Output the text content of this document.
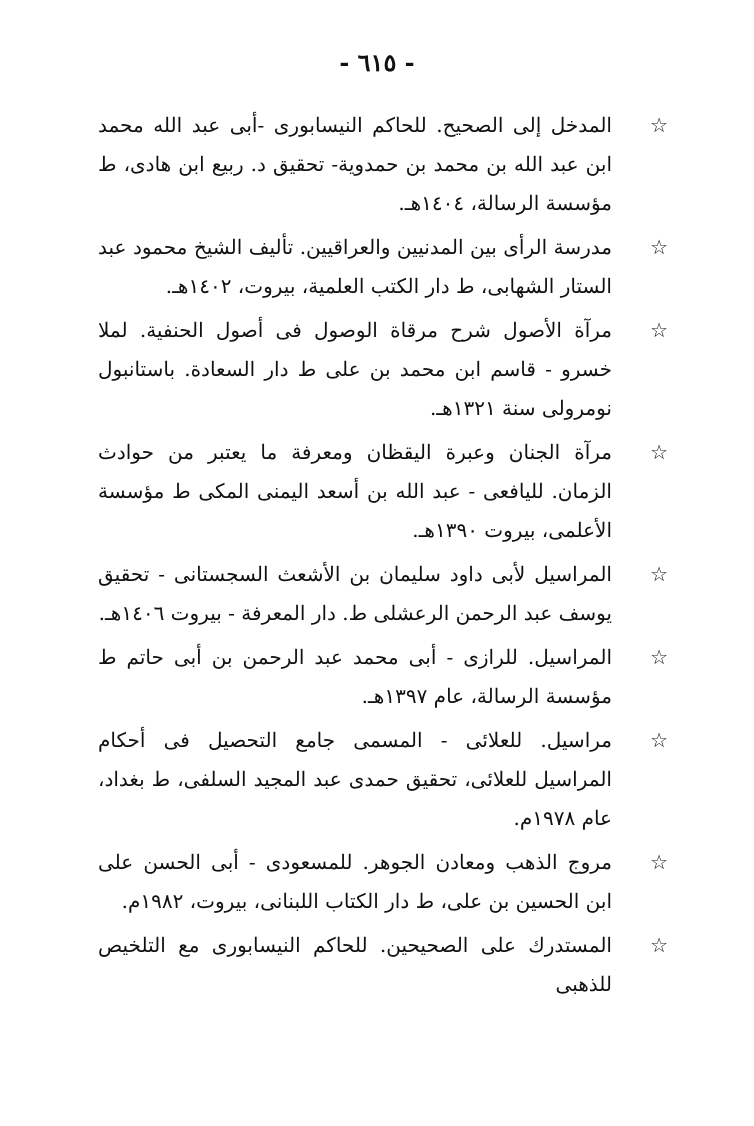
- ٦١٥ -
☆
المدخل إلى الصحيح. للحاكم النيسابورى -أبى عبد الله محمد ابن عبد الله بن محمد بن حمدوية- تحقيق د. ربيع ابن هادى، ط مؤسسة الرسالة، ١٤٠٤هـ.
☆
مدرسة الرأى بين المدنيين والعراقيين. تأليف الشيخ محمود عبد الستار الشهابى، ط دار الكتب العلمية، بيروت، ١٤٠٢هـ.
☆
مرآة الأصول شرح مرقاة الوصول فى أصول الحنفية. لملا خسرو - قاسم ابن محمد بن على ط دار السعادة. باستانبول نومرولى سنة ١٣٢١هـ.
☆
مرآة الجنان وعبرة اليقظان ومعرفة ما يعتبر من حوادث الزمان. لليافعى - عبد الله بن أسعد اليمنى المكى ط مؤسسة الأعلمى، بيروت ١٣٩٠هـ.
☆
المراسيل لأبى داود سليمان بن الأشعث السجستانى - تحقيق يوسف عبد الرحمن الرعشلى ط. دار المعرفة - بيروت ١٤٠٦هـ.
☆
المراسيل. للرازى - أبى محمد عبد الرحمن بن أبى حاتم ط مؤسسة الرسالة، عام ١٣٩٧هـ.
☆
مراسيل. للعلائى - المسمى جامع التحصيل فى أحكام المراسيل للعلائى، تحقيق حمدى عبد المجيد السلفى، ط بغداد، عام ١٩٧٨م.
☆
مروج الذهب ومعادن الجوهر. للمسعودى - أبى الحسن على ابن الحسين بن على، ط دار الكتاب اللبنانى، بيروت، ١٩٨٢م.
☆
المستدرك على الصحيحين. للحاكم النيسابورى مع التلخيص للذهبى
